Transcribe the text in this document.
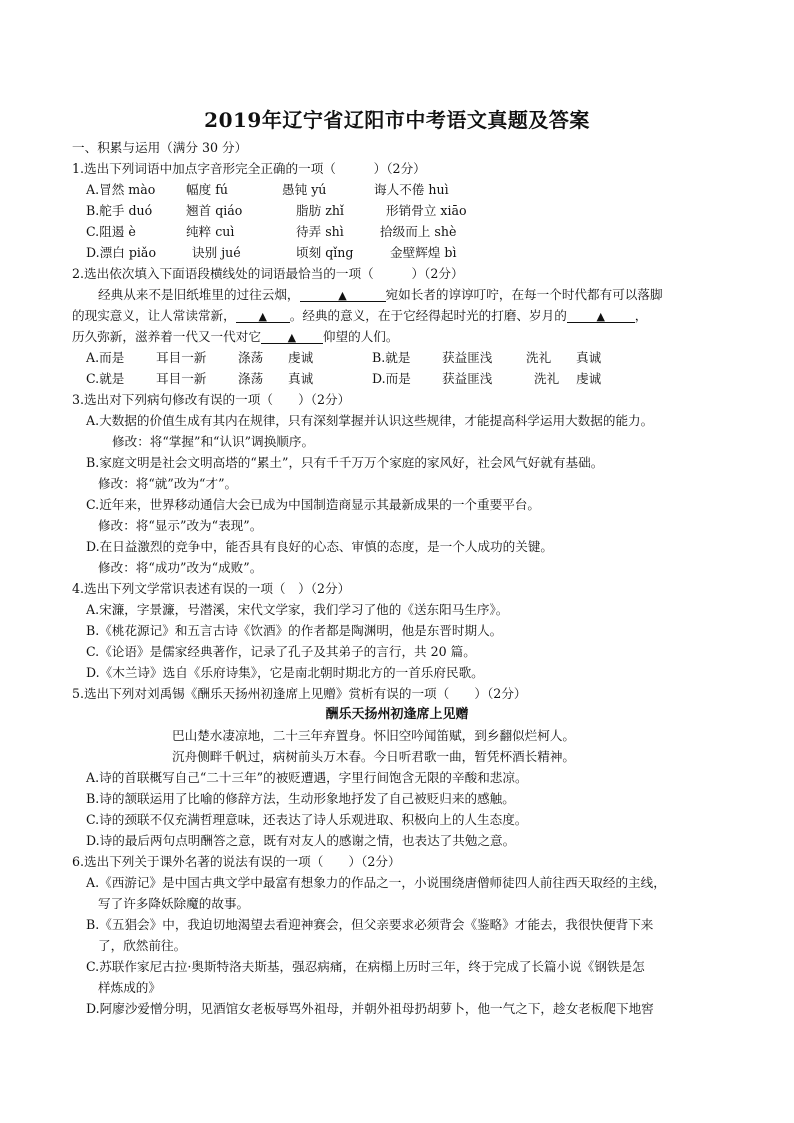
2019年辽宁省辽阳市中考语文真题及答案
一、积累与运用（满分 30 分）
1.选出下列词语中加点字音形完全正确的一项（　　　）（2分）
A.冒然 mào 幅度 fú	愚钝 yú	诲人不倦 huì
B.舵手 duó	翘首 qiáo	脂肪 zhǐ	形销骨立 xiāo
C.阻遏 è	纯粹 cuì	待弄 shì	拾级而上 shè
D.漂白 piǎo	诀别 jué	顷刻 qǐng	金壁辉煌 bì
2.选出依次填入下面语段横线处的词语最恰当的一项（　　　）（2分）
经典从来不是旧纸堆里的过往云烟，	▲	宛如长者的谆谆叮咛，在每一个时代都有可以落脚
的现实意义，让人常读常新， ▲ 。经典的意义，在于它经得起时光的打磨、岁月的	▲ ，
历久弥新，滋养着一代又一代对它 ▲ 仰望的人们。
A.而是	耳目一新	涤荡 虔诚	B.就是	获益匪浅	洗礼 真诚
C.就是	耳目一新	涤荡 真诚	D.而是 获益匪浅	洗礼 虔诚
3.选出对下列病句修改有误的一项（　　）（2分）
A.大数据的价值生成有其内在规律，只有深刻掌握并认识这些规律，才能提高科学运用大数据的能力。
修改：将“掌握”和“认识”调换顺序。
B.家庭文明是社会文明高塔的“累土”，只有千千万万个家庭的家风好，社会风气好就有基础。
修改：将“就”改为“才”。
C.近年来，世界移动通信大会已成为中国制造商显示其最新成果的一个重要平台。
修改：将“显示”改为“表现”。
D.在日益激烈的竞争中，能否具有良好的心态、审慎的态度，是一个人成功的关键。
修改：将“成功”改为“成败”。
4.选出下列文学常识表述有误的一项（　）（2分）
A.宋濂，字景濂，号潜溪，宋代文学家，我们学习了他的《送东阳马生序》。
B.《桃花源记》和五言古诗《饮酒》的作者都是陶渊明，他是东晋时期人。
C.《论语》是儒家经典著作，记录了孔子及其弟子的言行，共 20 篇。
D.《木兰诗》选自《乐府诗集》，它是南北朝时期北方的一首乐府民歌。
5.选出下列对刘禹锡《酬乐天扬州初逢席上见赠》赏析有误的一项（　　）（2分）
酬乐天扬州初逢席上见赠
巴山楚水凄凉地，二十三年弃置身。怀旧空吟闻笛赋，到乡翻似烂柯人。
沉舟侧畔千帆过，病树前头万木春。今日听君歌一曲，暂凭杯酒长精神。
A.诗的首联概写自己“二十三年”的被贬遭遇，字里行间饱含无限的辛酸和悲凉。
B.诗的颔联运用了比喻的修辞方法，生动形象地抒发了自己被贬归来的感触。
C.诗的颈联不仅充满哲理意味，还表达了诗人乐观进取、积极向上的人生态度。
D.诗的最后两句点明酬答之意，既有对友人的感谢之情，也表达了共勉之意。
6.选出下列关于课外名著的说法有误的一项（　　）（2分）
A.《西游记》是中国古典文学中最富有想象力的作品之一，小说围绕唐僧师徒四人前往西天取经的主线，
写了许多降妖除魔的故事。
B.《五猖会》中，我迫切地渴望去看迎神赛会，但父亲要求必须背会《鉴略》才能去，我很快便背下来
了，欣然前往。
C.苏联作家尼古拉·奥斯特洛夫斯基，强忍病痛，在病榻上历时三年，终于完成了长篇小说《钢铁是怎
样炼成的》
D.阿廖沙爱憎分明，见酒馆女老板辱骂外祖母，并朝外祖母扔胡萝卜，他一气之下，趁女老板爬下地窖
